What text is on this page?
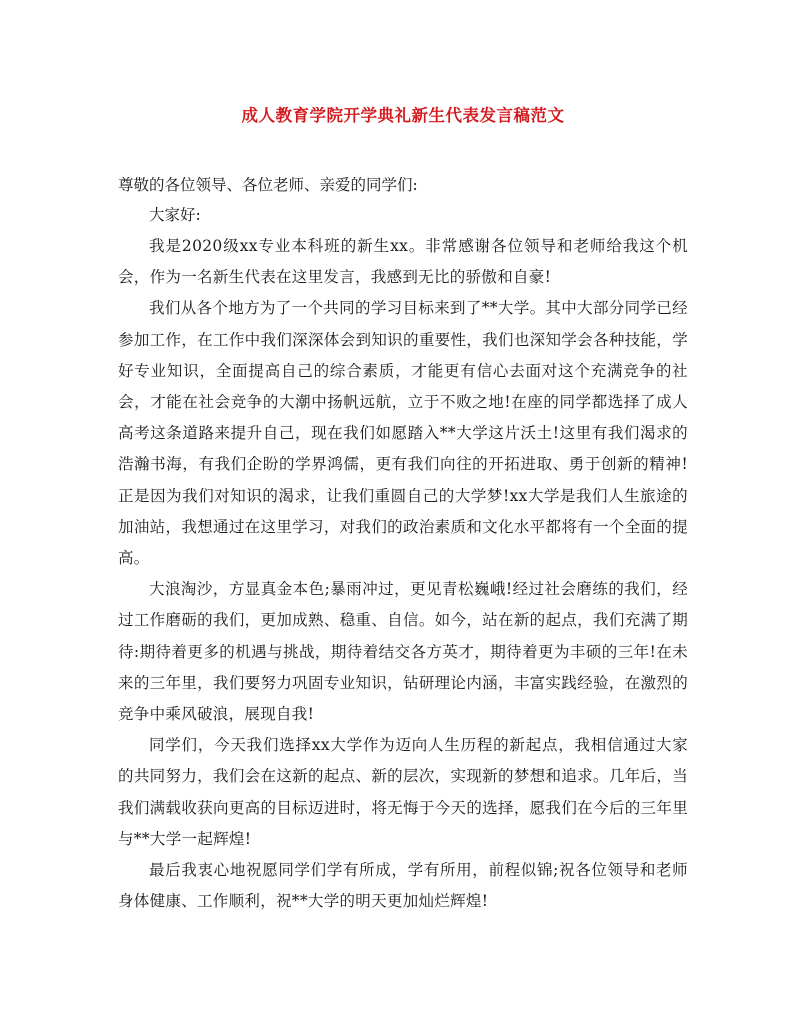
成人教育学院开学典礼新生代表发言稿范文

尊敬的各位领导、各位老师、亲爱的同学们:

大家好:

我是2020级xx专业本科班的新生xx。非常感谢各位领导和老师给我这个机会，作为一名新生代表在这里发言，我感到无比的骄傲和自豪!

我们从各个地方为了一个共同的学习目标来到了**大学。其中大部分同学已经参加工作，在工作中我们深深体会到知识的重要性，我们也深知学会各种技能，学好专业知识，全面提高自己的综合素质，才能更有信心去面对这个充满竞争的社会，才能在社会竞争的大潮中扬帆远航，立于不败之地!在座的同学都选择了成人高考这条道路来提升自己，现在我们如愿踏入**大学这片沃土!这里有我们渴求的浩瀚书海，有我们企盼的学界鸿儒，更有我们向往的开拓进取、勇于创新的精神!正是因为我们对知识的渴求，让我们重圆自己的大学梦!xx大学是我们人生旅途的加油站，我想通过在这里学习，对我们的政治素质和文化水平都将有一个全面的提高。

大浪淘沙，方显真金本色;暴雨冲过，更见青松巍峨!经过社会磨练的我们，经过工作磨砺的我们，更加成熟、稳重、自信。如今，站在新的起点，我们充满了期待:期待着更多的机遇与挑战，期待着结交各方英才，期待着更为丰硕的三年!在未来的三年里，我们要努力巩固专业知识，钻研理论内涵，丰富实践经验，在激烈的竞争中乘风破浪，展现自我!

同学们，今天我们选择xx大学作为迈向人生历程的新起点，我相信通过大家的共同努力，我们会在这新的起点、新的层次，实现新的梦想和追求。几年后，当我们满载收获向更高的目标迈进时，将无悔于今天的选择，愿我们在今后的三年里与**大学一起辉煌!

最后我衷心地祝愿同学们学有所成，学有所用，前程似锦;祝各位领导和老师身体健康、工作顺利，祝**大学的明天更加灿烂辉煌!
